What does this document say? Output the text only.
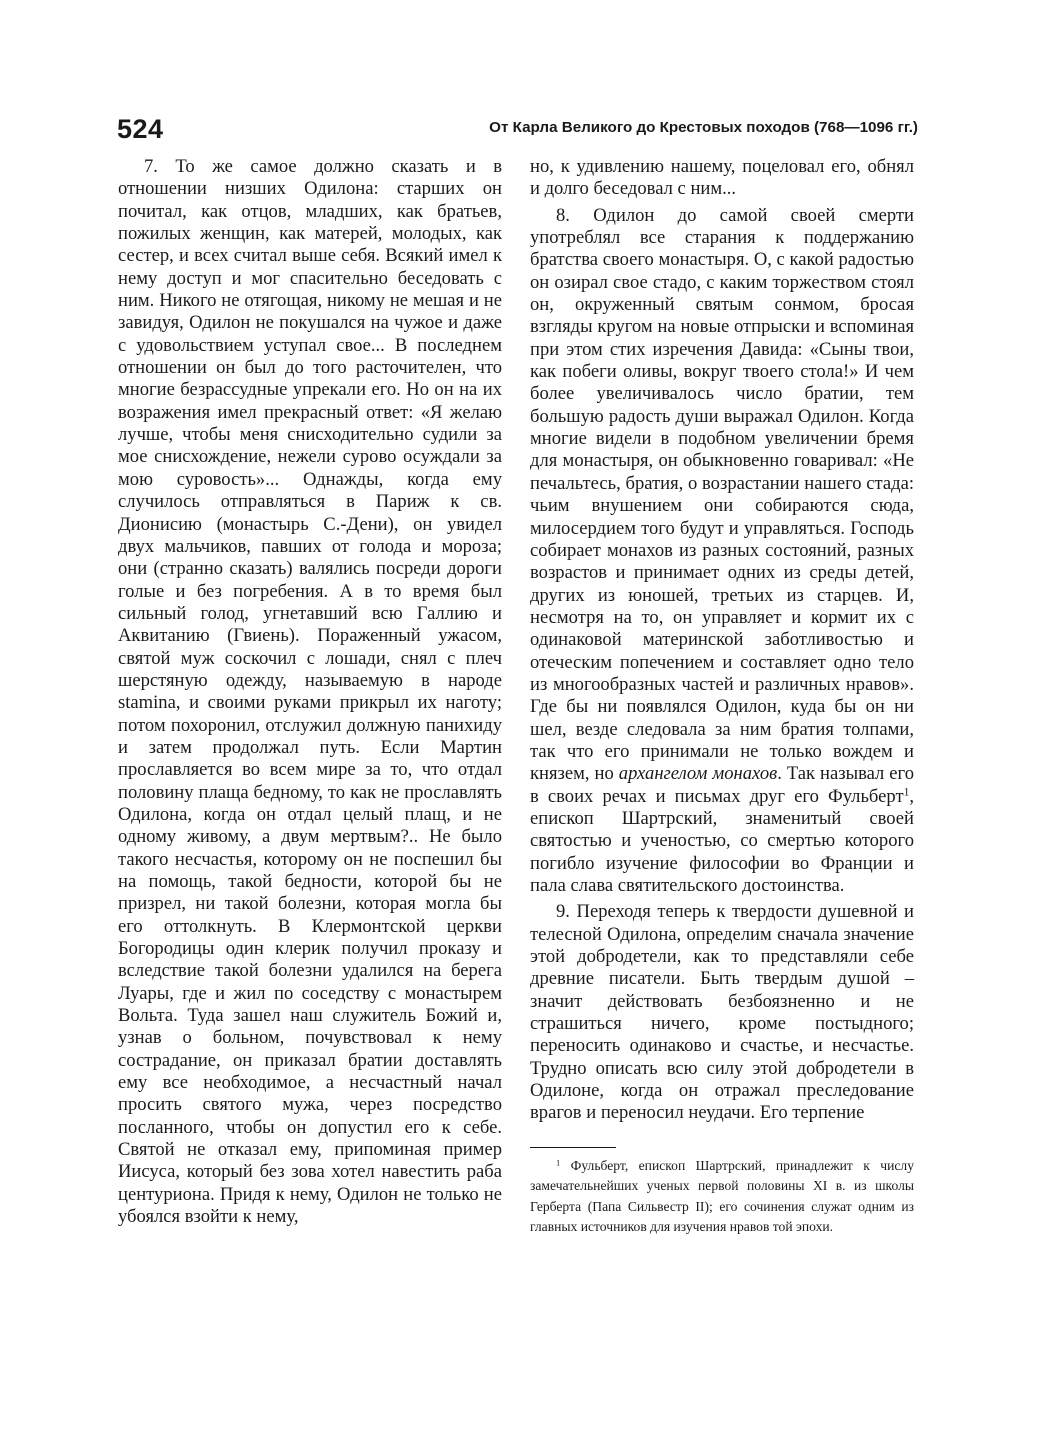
524	От Карла Великого до Крестовых походов (768—1096 гг.)

7. То же самое должно сказать и в отношении низших Одилона: старших он почитал, как отцов, младших, как братьев, пожилых женщин, как матерей, молодых, как сестер, и всех считал выше себя. Всякий имел к нему доступ и мог спасительно беседовать с ним. Никого не отягощая, никому не мешая и не завидуя, Одилон не покушался на чужое и даже с удовольствием уступал свое... В последнем отношении он был до того расточителен, что многие безрассудные упрекали его. Но он на их возражения имел прекрасный ответ: «Я желаю лучше, чтобы меня снисходительно судили за мое снисхождение, нежели сурово осуждали за мою суровость»... Однажды, когда ему случилось отправляться в Париж к св. Дионисию (монастырь С.-Дени), он увидел двух мальчиков, павших от голода и мороза; они (странно сказать) валялись посреди дороги голые и без погребения. А в то время был сильный голод, угнетавший всю Галлию и Аквитанию (Гвиень). Пораженный ужасом, святой муж соскочил с лошади, снял с плеч шерстяную одежду, называемую в народе stamina, и своими руками прикрыл их наготу; потом похоронил, отслужил должную панихиду и затем продолжал путь. Если Мартин прославляется во всем мире за то, что отдал половину плаща бедному, то как не прославлять Одилона, когда он отдал целый плащ, и не одному живому, а двум мертвым?.. Не было такого несчастья, которому он не поспешил бы на помощь, такой бедности, которой бы не призрел, ни такой болезни, которая могла бы его оттолкнуть. В Клермонтской церкви Богородицы один клерик получил проказу и вследствие такой болезни удалился на берега Луары, где и жил по соседству с монастырем Вольта. Туда зашел наш служитель Божий и, узнав о больном, почувствовал к нему сострадание, он приказал братии доставлять ему все необходимое, а несчастный начал просить святого мужа, через посредство посланного, чтобы он допустил его к себе. Святой не отказал ему, припоминая пример Иисуса, который без зова хотел навестить раба центуриона. Придя к нему, Одилон не только не убоялся взойти к нему,

но, к удивлению нашему, поцеловал его, обнял и долго беседовал с ним...

8. Одилон до самой своей смерти употреблял все старания к поддержанию братства своего монастыря. О, с какой радостью он озирал свое стадо, с каким торжеством стоял он, окруженный святым сонмом, бросая взгляды кругом на новые отпрыски и вспоминая при этом стих изречения Давида: «Сыны твои, как побеги оливы, вокруг твоего стола!» И чем более увеличивалось число братии, тем большую радость души выражал Одилон. Когда многие видели в подобном увеличении бремя для монастыря, он обыкновенно говаривал: «Не печальтесь, братия, о возрастании нашего стада: чьим внушением они собираются сюда, милосердием того будут и управляться. Господь собирает монахов из разных состояний, разных возрастов и принимает одних из среды детей, других из юношей, третьих из старцев. И, несмотря на то, он управляет и кормит их с одинаковой материнской заботливостью и отеческим попечением и составляет одно тело из многообразных частей и различных нравов». Где бы ни появлялся Одилон, куда бы он ни шел, везде следовала за ним братия толпами, так что его принимали не только вождем и князем, но архангелом монахов. Так называл его в своих речах и письмах друг его Фульберт$^1$, епископ Шартрский, знаменитый своей святостью и ученостью, со смертью которого погибло изучение философии во Франции и пала слава святительского достоинства.

9. Переходя теперь к твердости душевной и телесной Одилона, определим сначала значение этой добродетели, как то представляли себе древние писатели. Быть твердым душой – значит действовать безбоязненно и не страшиться ничего, кроме постыдного; переносить одинаково и счастье, и несчастье. Трудно описать всю силу этой добродетели в Одилоне, когда он отражал преследование врагов и переносил неудачи. Его терпение

$^1$ Фульберт, епископ Шартрский, принадлежит к числу замечательнейших ученых первой половины XI в. из школы Герберта (Папа Сильвестр II); его сочинения служат одним из главных источников для изучения нравов той эпохи.
